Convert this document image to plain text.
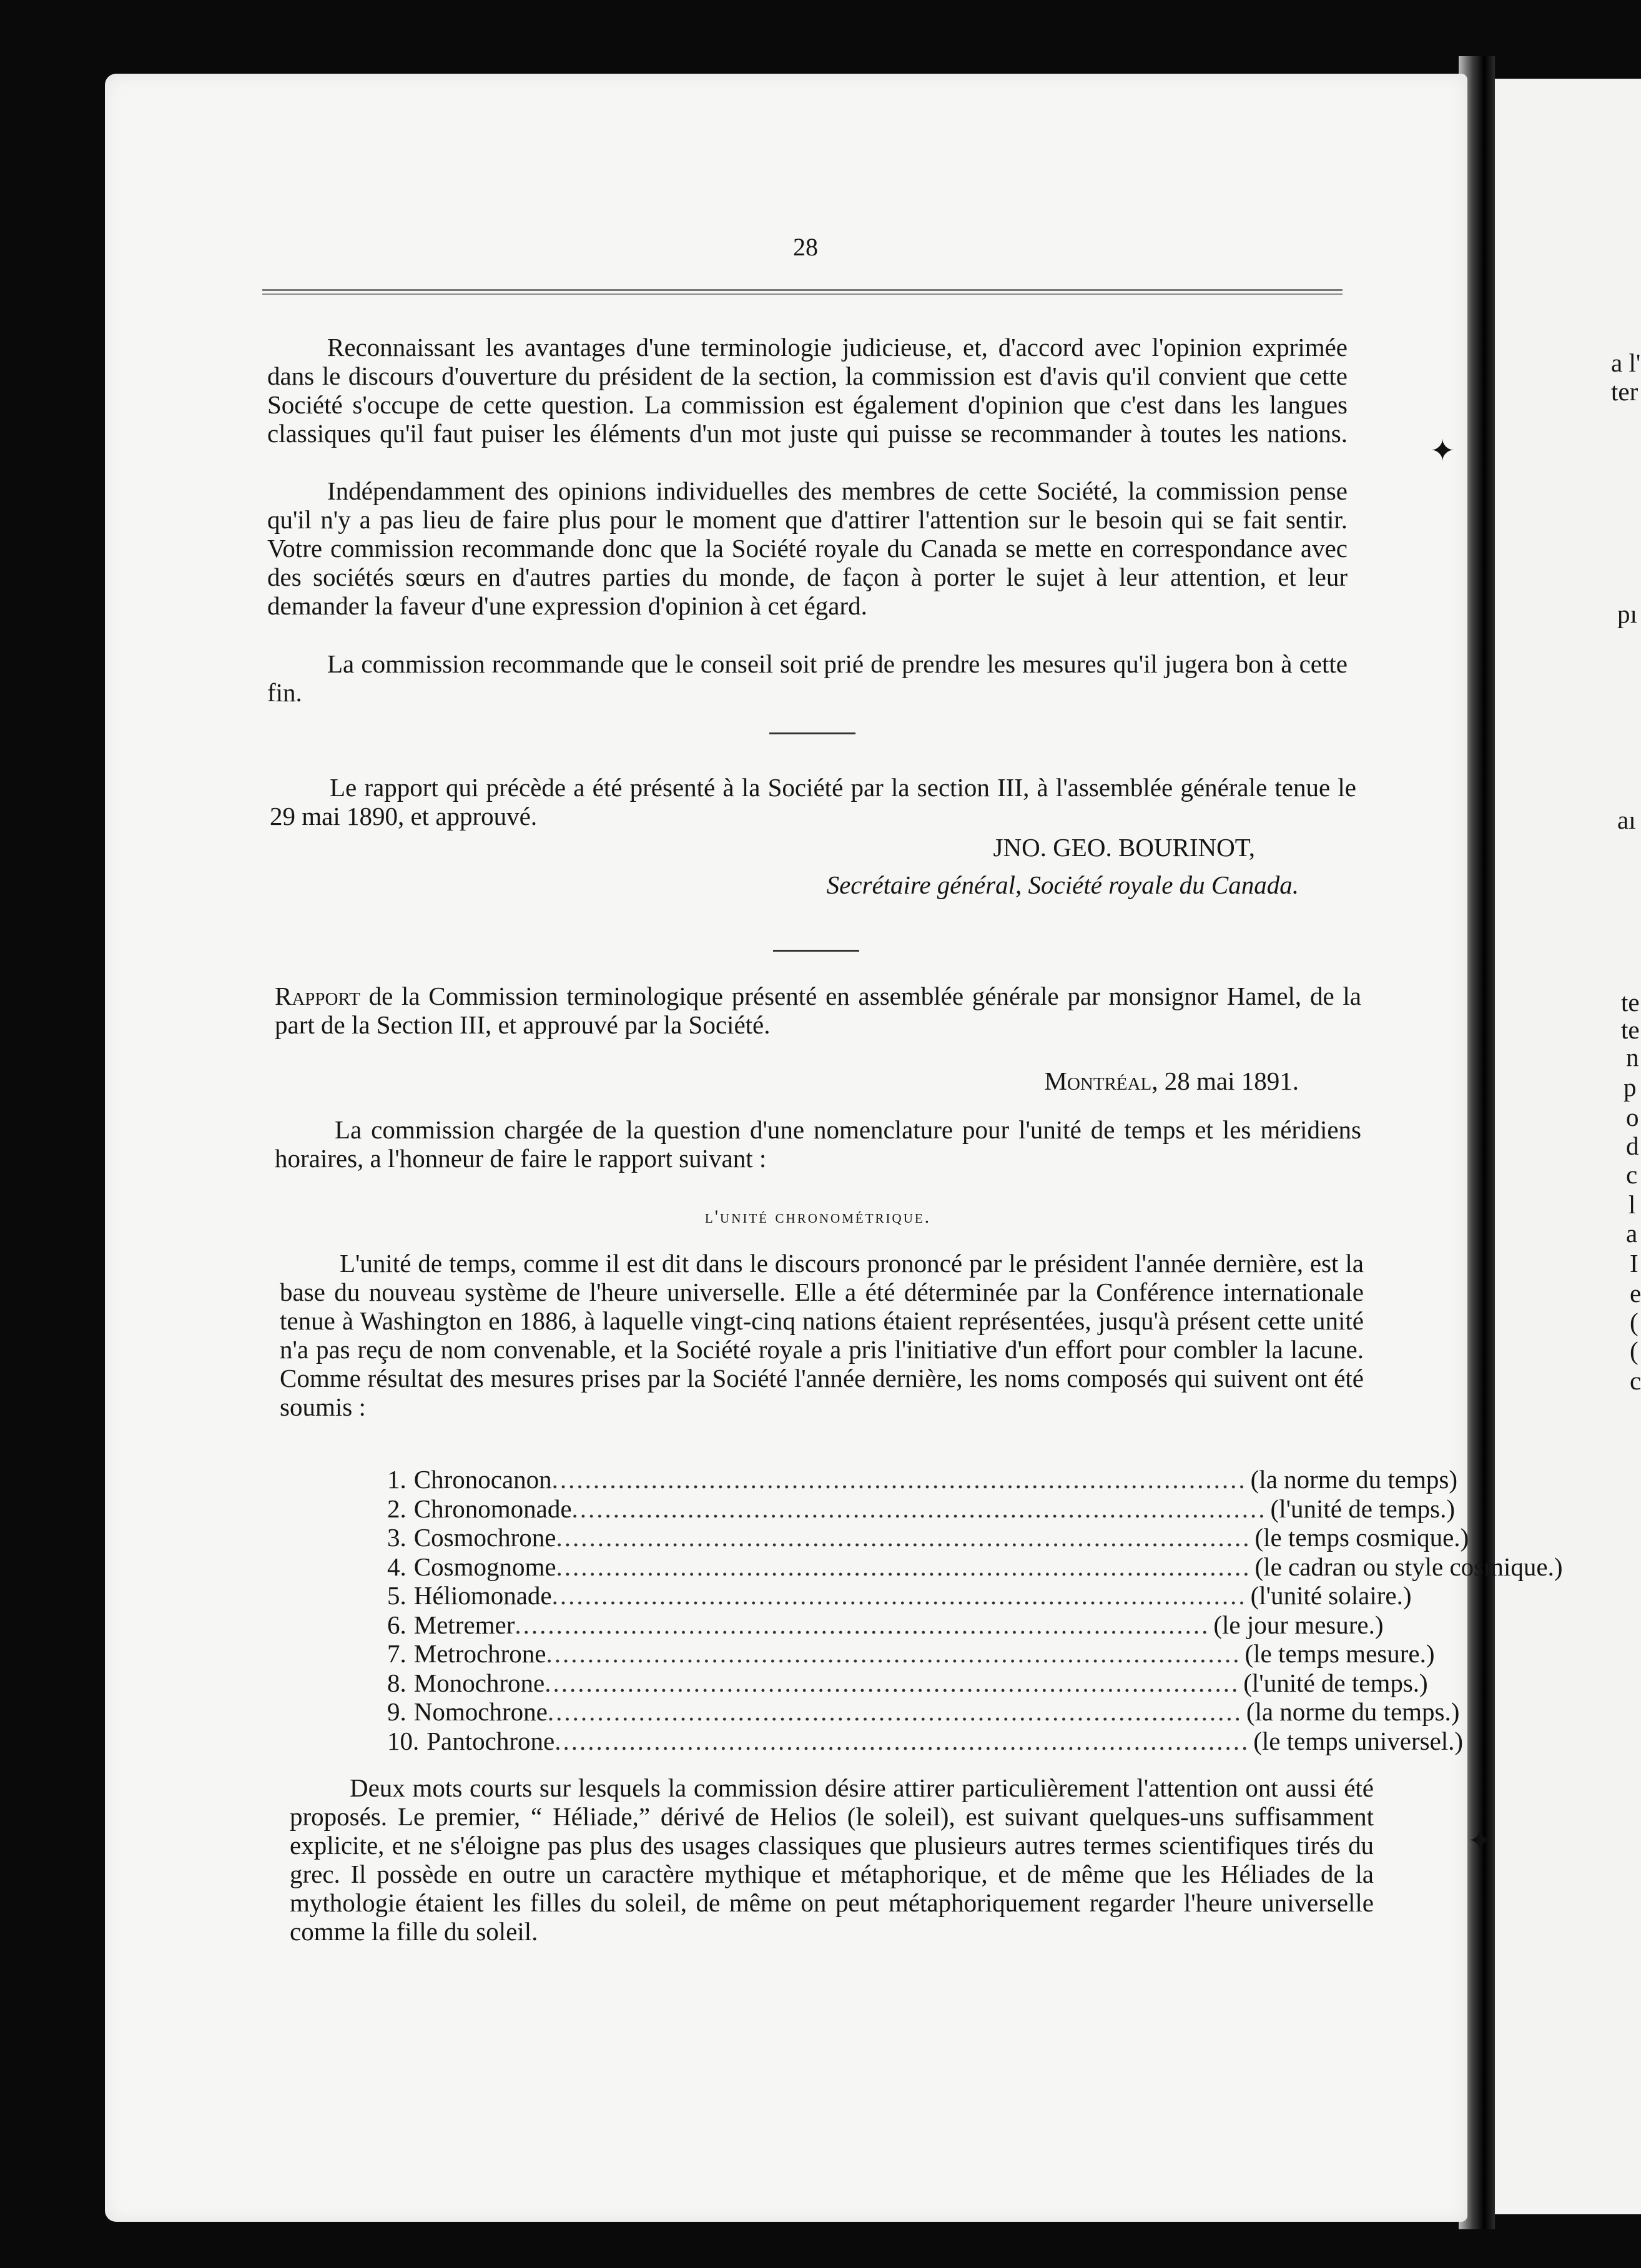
28
Reconnaissant les avantages d'une terminologie judicieuse, et, d'accord avec l'opinion exprimée dans le discours d'ouverture du président de la section, la commission est d'avis qu'il convient que cette Société s'occupe de cette question. La commission est également d'opinion que c'est dans les langues classiques qu'il faut puiser les éléments d'un mot juste qui puisse se recommander à toutes les nations.
Indépendamment des opinions individuelles des membres de cette Société, la commission pense qu'il n'y a pas lieu de faire plus pour le moment que d'attirer l'attention sur le besoin qui se fait sentir. Votre commission recommande donc que la Société royale du Canada se mette en correspondance avec des sociétés sœurs en d'autres parties du monde, de façon à porter le sujet à leur attention, et leur demander la faveur d'une expression d'opinion à cet égard.
La commission recommande que le conseil soit prié de prendre les mesures qu'il jugera bon à cette fin.
Le rapport qui précède a été présenté à la Société par la section III, à l'assemblée générale tenue le 29 mai 1890, et approuvé.
JNO. GEO. BOURINOT,
Secrétaire général, Société royale du Canada.
Rapport de la Commission terminologique présenté en assemblée générale par monsignor Hamel, de la part de la Section III, et approuvé par la Société.
Montréal, 28 mai 1891.
La commission chargée de la question d'une nomenclature pour l'unité de temps et les méridiens horaires, a l'honneur de faire le rapport suivant :
l'unité chronométrique.
L'unité de temps, comme il est dit dans le discours prononcé par le président l'année dernière, est la base du nouveau système de l'heure universelle. Elle a été déterminée par la Conférence internationale tenue à Washington en 1886, à laquelle vingt-cinq nations étaient représentées, jusqu'à présent cette unité n'a pas reçu de nom convenable, et la Société royale a pris l'initiative d'un effort pour combler la lacune. Comme résultat des mesures prises par la Société l'année dernière, les noms composés qui suivent ont été soumis :
1. Chronocanon .................................................................................... (la norme du temps)
2. Chronomonade .................................................................................... (l'unité de temps.)
3. Cosmochrone .................................................................................... (le temps cosmique.)
4. Cosmognome .................................................................................... (le cadran ou style cosmique.)
5. Héliomonade .................................................................................... (l'unité solaire.)
6. Metremer .................................................................................... (le jour mesure.)
7. Metrochrone .................................................................................... (le temps mesure.)
8. Monochrone .................................................................................... (l'unité de temps.)
9. Nomochrone .................................................................................... (la norme du temps.)
10. Pantochrone .................................................................................... (le temps universel.)
Deux mots courts sur lesquels la commission désire attirer particulièrement l'attention ont aussi été proposés. Le premier, “ Héliade,” dérivé de Helios (le soleil), est suivant quelques-uns suffisamment explicite, et ne s'éloigne pas plus des usages classiques que plusieurs autres termes scientifiques tirés du grec. Il possède en outre un caractère mythique et métaphorique, et de même que les Héliades de la mythologie étaient les filles du soleil, de même on peut métaphoriquement regarder l'heure universelle comme la fille du soleil.
a l'
ter
pı
aı
te
te
n
p
o
d
c
l
a
I
e
(
(
c
✦
✦
